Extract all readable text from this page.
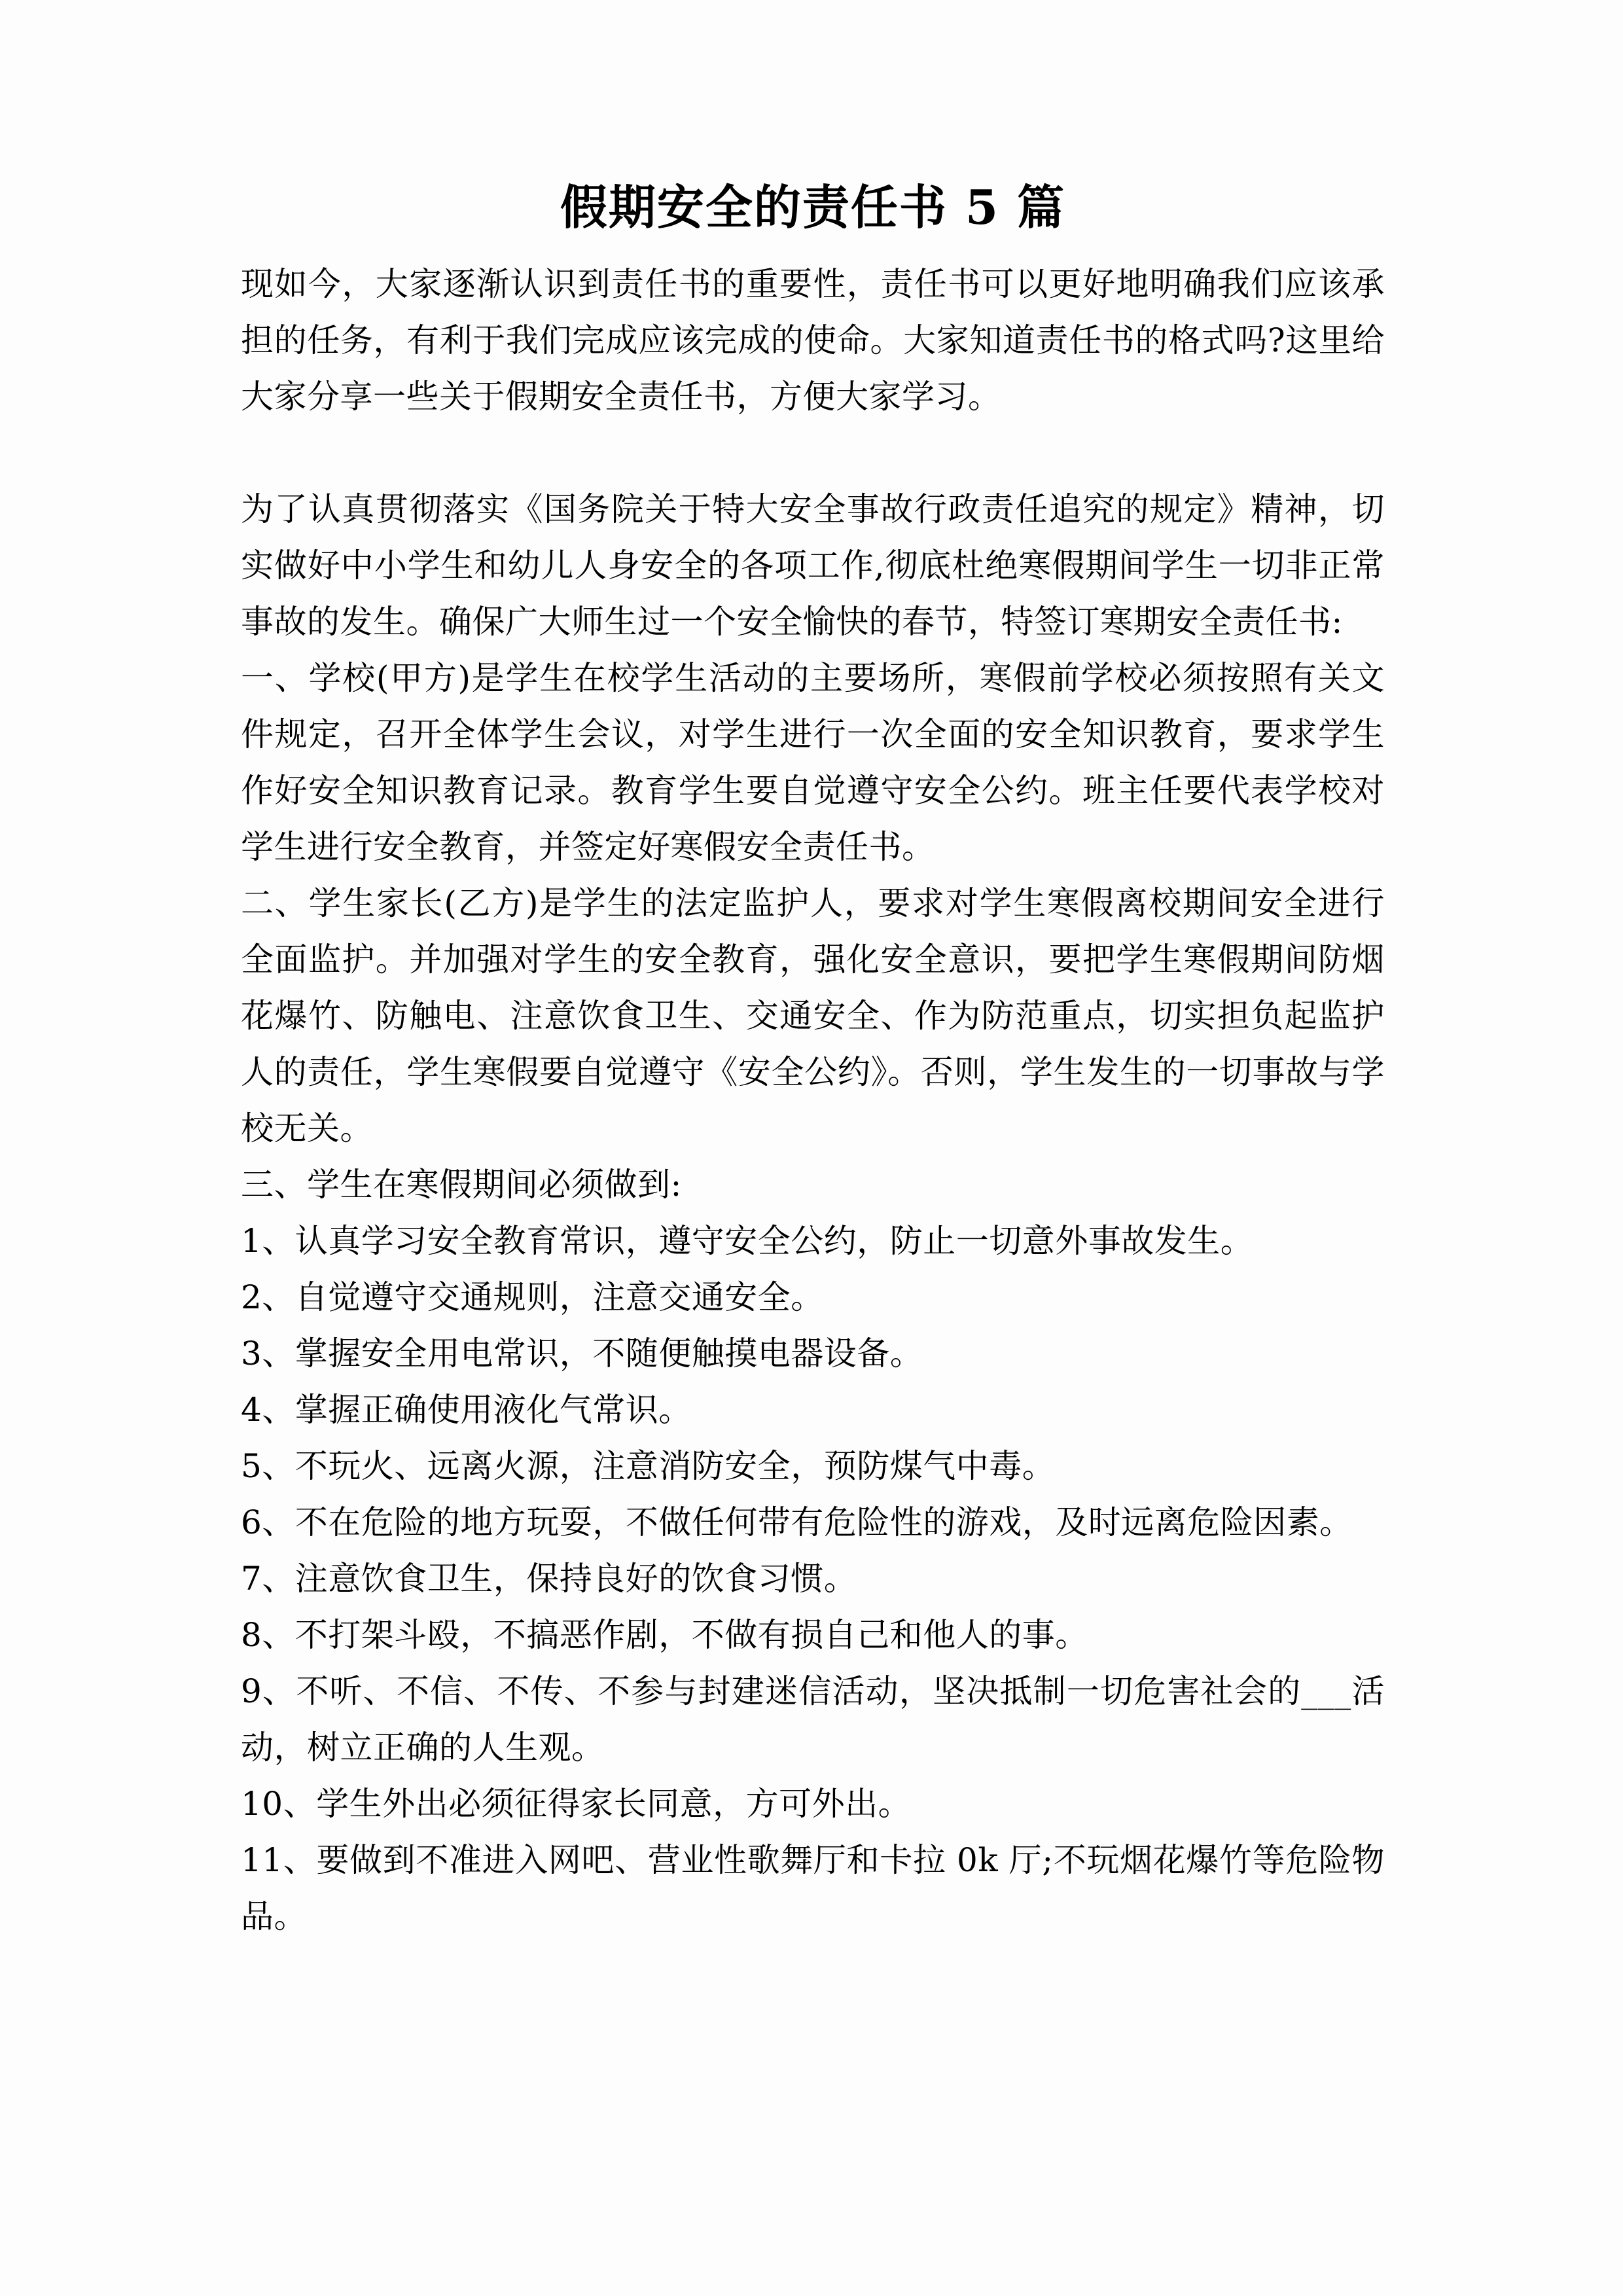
假期安全的责任书 5 篇

现如今，大家逐渐认识到责任书的重要性，责任书可以更好地明确我们应该承担的任务，有利于我们完成应该完成的使命。大家知道责任书的格式吗?这里给大家分享一些关于假期安全责任书，方便大家学习。

为了认真贯彻落实《国务院关于特大安全事故行政责任追究的规定》精神，切实做好中小学生和幼儿人身安全的各项工作,彻底杜绝寒假期间学生一切非正常事故的发生。确保广大师生过一个安全愉快的春节，特签订寒期安全责任书:

一、学校(甲方)是学生在校学生活动的主要场所，寒假前学校必须按照有关文件规定，召开全体学生会议，对学生进行一次全面的安全知识教育，要求学生作好安全知识教育记录。教育学生要自觉遵守安全公约。班主任要代表学校对学生进行安全教育，并签定好寒假安全责任书。

二、学生家长(乙方)是学生的法定监护人，要求对学生寒假离校期间安全进行全面监护。并加强对学生的安全教育，强化安全意识，要把学生寒假期间防烟花爆竹、防触电、注意饮食卫生、交通安全、作为防范重点，切实担负起监护人的责任，学生寒假要自觉遵守《安全公约》。否则，学生发生的一切事故与学校无关。

三、学生在寒假期间必须做到:

1、认真学习安全教育常识，遵守安全公约，防止一切意外事故发生。

2、自觉遵守交通规则，注意交通安全。

3、掌握安全用电常识，不随便触摸电器设备。

4、掌握正确使用液化气常识。

5、不玩火、远离火源，注意消防安全，预防煤气中毒。

6、不在危险的地方玩耍，不做任何带有危险性的游戏，及时远离危险因素。

7、注意饮食卫生，保持良好的饮食习惯。

8、不打架斗殴，不搞恶作剧，不做有损自己和他人的事。

9、不听、不信、不传、不参与封建迷信活动，坚决抵制一切危害社会的___活动，树立正确的人生观。

10、学生外出必须征得家长同意，方可外出。

11、要做到不准进入网吧、营业性歌舞厅和卡拉 0k 厅;不玩烟花爆竹等危险物品。
